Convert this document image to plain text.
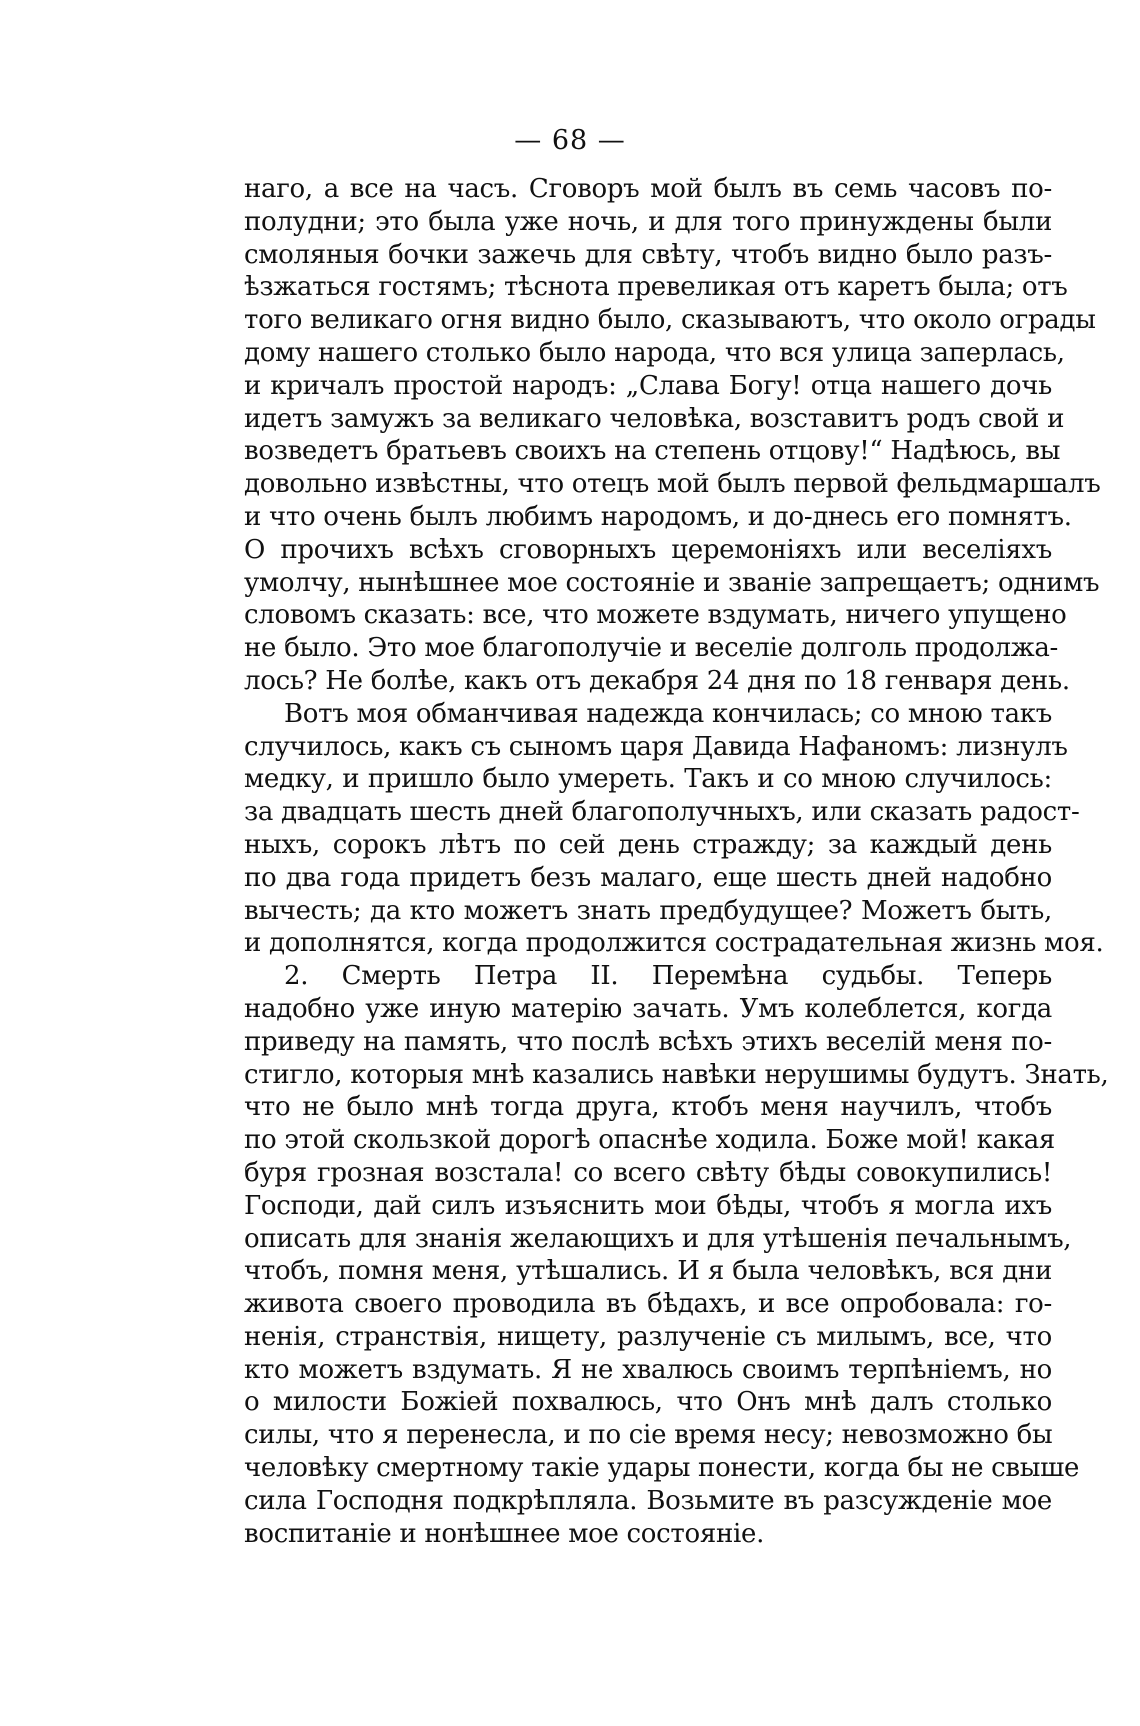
— 68 —
наго, а все на часъ. Сговоръ мой былъ въ семь часовъ по-
полудни; это была уже ночь, и для того принуждены были
смоляныя бочки зажечь для свѣту, чтобъ видно было разъ-
ѣзжаться гостямъ; тѣснота превеликая отъ каретъ была; отъ
того великаго огня видно было, сказываютъ, что около ограды
дому нашего столько было народа, что вся улица заперлась,
и кричалъ простой народъ: „Слава Богу! отца нашего дочь
идетъ замужъ за великаго человѣка, возставитъ родъ свой и
возведетъ братьевъ своихъ на степень отцову!“ Надѣюсь, вы
довольно извѣстны, что отецъ мой былъ первой фельдмаршалъ
и что очень былъ любимъ народомъ, и до-днесь его помнятъ.
О прочихъ всѣхъ сговорныхъ церемоніяхъ или веселіяхъ
умолчу, нынѣшнее мое состояніе и званіе запрещаетъ; однимъ
словомъ сказать: все, что можете вздумать, ничего упущено
не было. Это мое благополучіе и веселіе долголь продолжа-
лось? Не болѣе, какъ отъ декабря 24 дня по 18 генваря день.
Вотъ моя обманчивая надежда кончилась; со мною такъ
случилось, какъ съ сыномъ царя Давида Нафаномъ: лизнулъ
медку, и пришло было умереть. Такъ и со мною случилось:
за двадцать шесть дней благополучныхъ, или сказать радост-
ныхъ, сорокъ лѣтъ по сей день стражду; за каждый день
по два года придетъ безъ малаго, еще шесть дней надобно
вычесть; да кто можетъ знать предбудущее? Можетъ быть,
и дополнятся, когда продолжится сострадательная жизнь моя.
2. Смерть Петра II. Перемѣна судьбы. Теперь
надобно уже иную матерію зачать. Умъ колеблется, когда
приведу на память, что послѣ всѣхъ этихъ веселій меня по-
стигло, которыя мнѣ казались навѣки нерушимы будутъ. Знать,
что не было мнѣ тогда друга, ктобъ меня научилъ, чтобъ
по этой скользкой дорогѣ опаснѣе ходила. Боже мой! какая
буря грозная возстала! со всего свѣту бѣды совокупились!
Господи, дай силъ изъяснить мои бѣды, чтобъ я могла ихъ
описать для знанія желающихъ и для утѣшенія печальнымъ,
чтобъ, помня меня, утѣшались. И я была человѣкъ, вся дни
живота своего проводила въ бѣдахъ, и все опробовала: го-
ненія, странствія, нищету, разлученіе съ милымъ, все, что
кто можетъ вздумать. Я не хвалюсь своимъ терпѣніемъ, но
о милости Божіей похвалюсь, что Онъ мнѣ далъ столько
силы, что я перенесла, и по сіе время несу; невозможно бы
человѣку смертному такіе удары понести, когда бы не свыше
сила Господня подкрѣпляла. Возьмите въ разсужденіе мое
воспитаніе и нонѣшнее мое состояніе.
